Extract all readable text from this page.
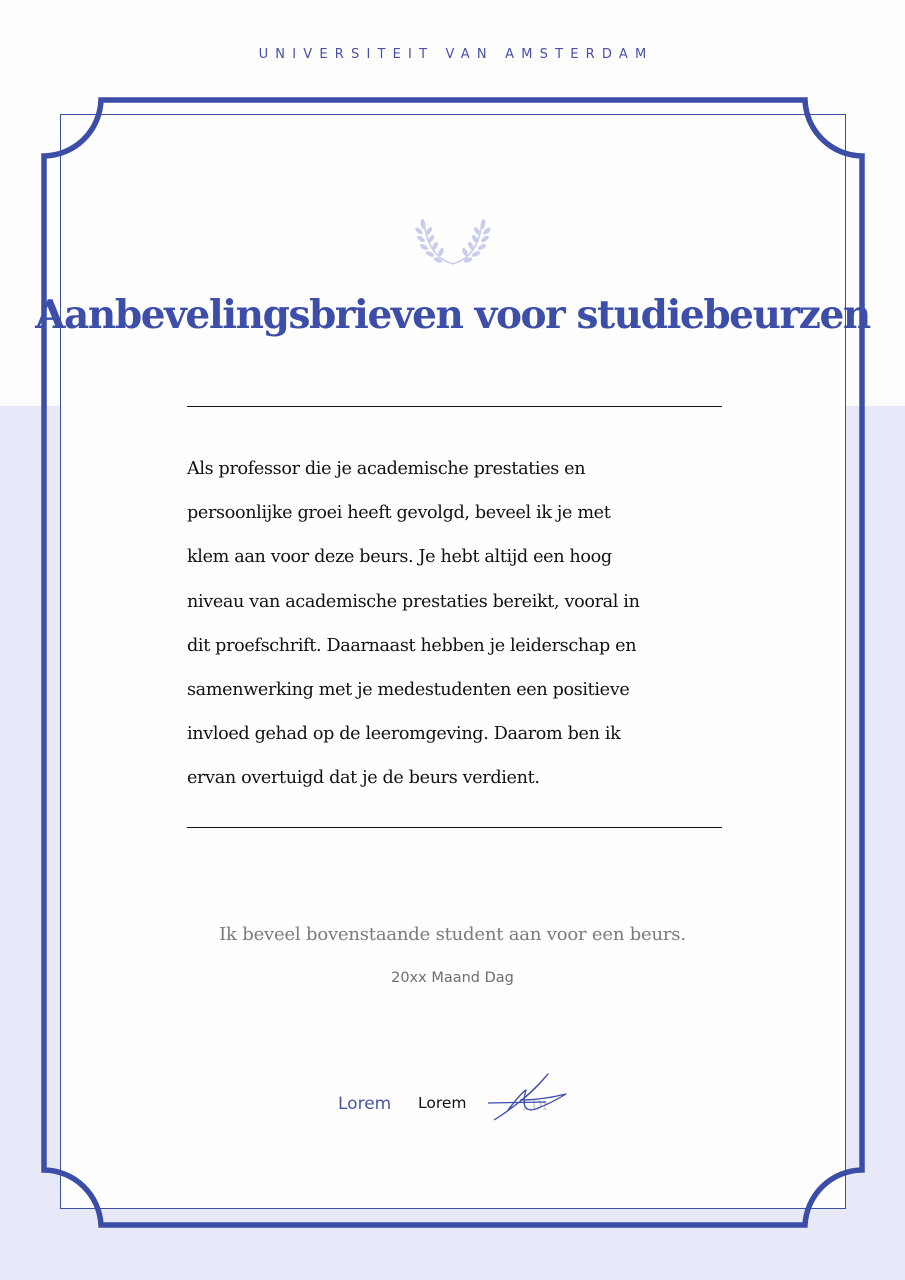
UNIVERSITEIT VAN AMSTERDAM
Aanbevelingsbrieven voor studiebeurzen
Als professor die je academische prestaties en
persoonlijke groei heeft gevolgd, beveel ik je met
klem aan voor deze beurs. Je hebt altijd een hoog
niveau van academische prestaties bereikt, vooral in
dit proefschrift. Daarnaast hebben je leiderschap en
samenwerking met je medestudenten een positieve
invloed gehad op de leeromgeving. Daarom ben ik
ervan overtuigd dat je de beurs verdient.
Ik beveel bovenstaande student aan voor een beurs.
20xx Maand Dag
Lorem Lorem	LDr
